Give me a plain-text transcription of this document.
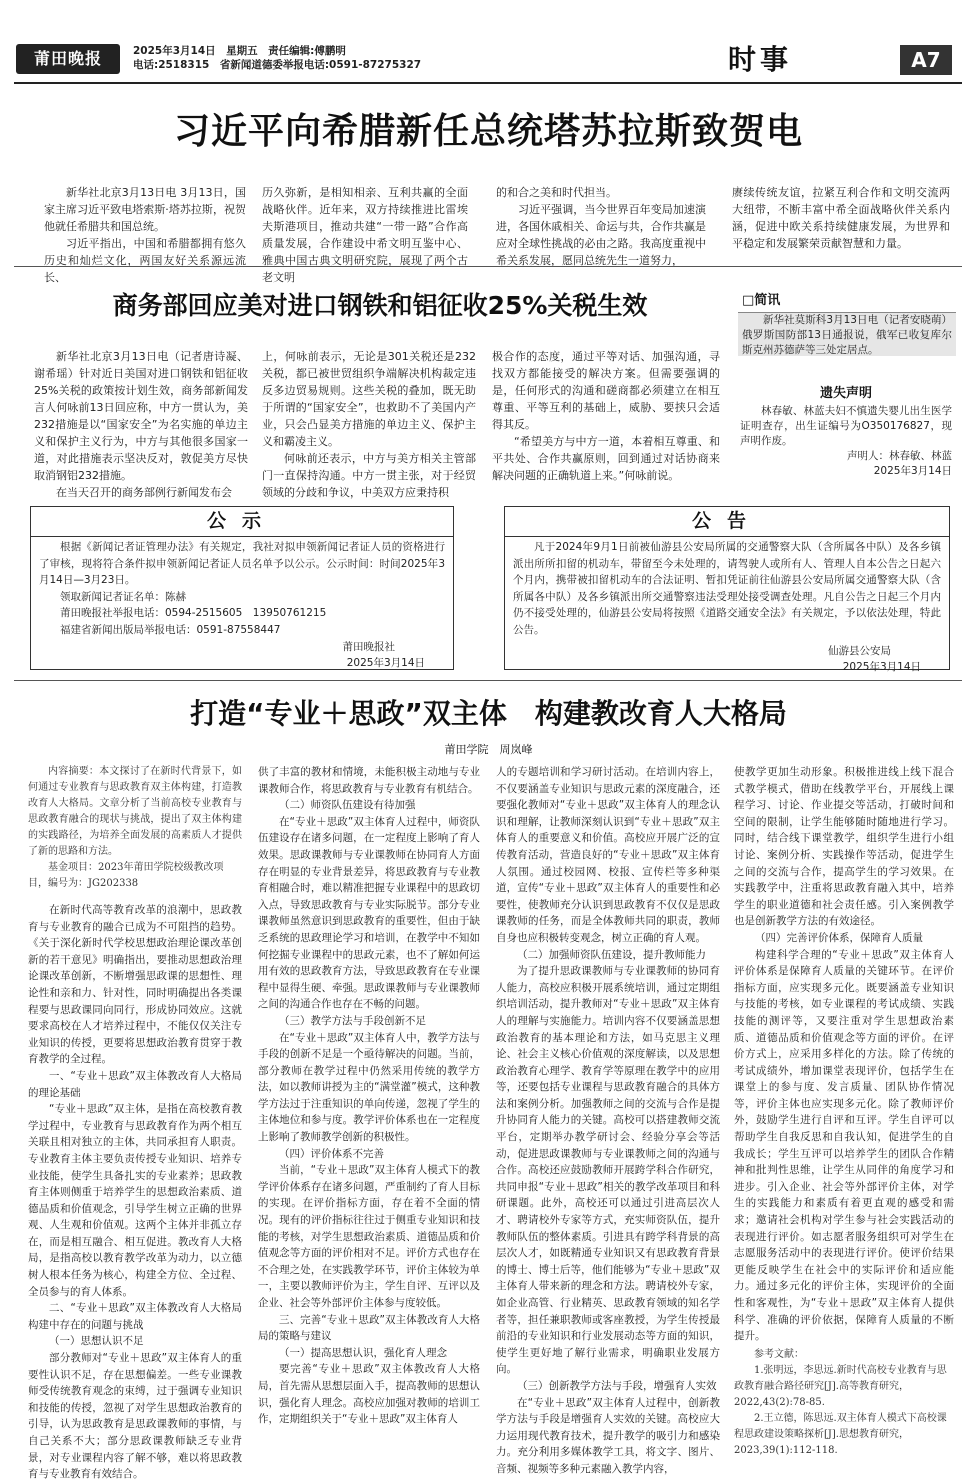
莆田晚报	2025年3月14日　星期五　责任编辑:傅鹏明
电话:2518315　省新闻道德委举报电话:0591-87275327	时事	A7
习近平向希腊新任总统塔苏拉斯致贺电

新华社北京3月13日电 3月13日，国家主席习近平致电塔索斯·塔苏拉斯，祝贺他就任希腊共和国总统。

习近平指出，中国和希腊都拥有悠久历史和灿烂文化，两国友好关系源远流长、

历久弥新，是相知相亲、互利共赢的全面战略伙伴。近年来，双方持续推进比雷埃夫斯港项目，推动共建“一带一路”合作高质量发展，合作建设中希文明互鉴中心、雅典中国古典文明研究院，展现了两个古老文明

的和合之美和时代担当。

习近平强调，当今世界百年变局加速演进，各国休戚相关、命运与共，合作共赢是应对全球性挑战的必由之路。我高度重视中希关系发展，愿同总统先生一道努力，

赓续传统友谊，拉紧互利合作和文明交流两大纽带，不断丰富中希全面战略伙伴关系内涵，促进中欧关系持续健康发展，为世界和平稳定和发展繁荣贡献智慧和力量。

商务部回应美对进口钢铁和铝征收25%关税生效

新华社北京3月13日电（记者唐诗凝、谢希瑶）针对近日美国对进口钢铁和铝征收25%关税的政策按计划生效，商务部新闻发言人何咏前13日回应称，中方一贯认为，美232措施是以“国家安全”为名实施的单边主义和保护主义行为，中方与其他很多国家一道，对此措施表示坚决反对，敦促美方尽快取消钢铝232措施。

在当天召开的商务部例行新闻发布会

上，何咏前表示，无论是301关税还是232关税，都已被世贸组织争端解决机构裁定违反多边贸易规则。这些关税的叠加，既无助于所谓的“国家安全”，也救助不了美国内产业，只会凸显美方措施的单边主义、保护主义和霸凌主义。

何咏前还表示，中方与美方相关主管部门一直保持沟通。中方一贯主张，对于经贸领域的分歧和争议，中美双方应秉持积

极合作的态度，通过平等对话、加强沟通，寻找双方都能接受的解决方案。但需要强调的是，任何形式的沟通和磋商都必须建立在相互尊重、平等互利的基础上，威胁、要挟只会适得其反。

“希望美方与中方一道，本着相互尊重、和平共处、合作共赢原则，回到通过对话协商来解决问题的正确轨道上来。”何咏前说。

□简讯
新华社莫斯科3月13日电（记者安晓萌）俄罗斯国防部13日通报说，俄军已收复库尔斯克州苏德萨等三处定居点。
遗失声明
林春敏、林蓝夫妇不慎遗失婴儿出生医学证明查存，出生证编号为O350176827，现声明作废。
声明人：林春敏、林蓝
2025年3月14日
公示

根据《新闻记者证管理办法》有关规定，我社对拟申领新闻记者证人员的资格进行了审核，现将符合条件拟申领新闻记者证人员名单予以公示。公示时间：时间2025年3月14日—3月23日。

领取新闻记者证名单：陈赫

莆田晚报社举报电话：0594-2515605　13950761215

福建省新闻出版局举报电话：0591-87558447

莆田晚报社
2025年3月14日
公告

凡于2024年9月1日前被仙游县公安局所属的交通警察大队（含所属各中队）及各乡镇派出所所扣留的机动车，带留至今未处理的，请驾驶人或所有人、管理人自本公告之日起六个月内，携带被扣留机动车的合法证明、暂扣凭证前往仙游县公安局所属交通警察大队（含所属各中队）及各乡镇派出所交通警察违法受理处接受调查处理。凡自公告之日起三个月内仍不接受处理的，仙游县公安局将按照《道路交通安全法》有关规定，予以依法处理，特此公告。

仙游县公安局
2025年3月14日
打造“专业＋思政”双主体　构建教改育人大格局
莆田学院　周岚峰
内容摘要：本文探讨了在新时代背景下，如何通过专业教育与思政教育双主体构建，打造教改育人大格局。文章分析了当前高校专业教育与思政教育融合的现状与挑战，提出了双主体构建的实践路径，为培养全面发展的高素质人才提供了新的思路和方法。
基金项目：2023年莆田学院校级教改项目，编号为：JG202338

在新时代高等教育改革的浪潮中，思政教育与专业教育的融合已成为不可阻挡的趋势。《关于深化新时代学校思想政治理论课改革创新的若干意见》明确指出，要推动思想政治理论课改革创新，不断增强思政课的思想性、理论性和亲和力、针对性，同时明确提出各类课程要与思政课同向同行，形成协同效应。这就要求高校在人才培养过程中，不能仅仅关注专业知识的传授，更要将思想政治教育贯穿于教育教学的全过程。

一、“专业＋思政”双主体教改育人大格局的理论基础

“专业＋思政”双主体，是指在高校教育教学过程中，专业教育与思政教育作为两个相互关联且相对独立的主体，共同承担育人职责。专业教育主体主要负责传授专业知识、培养专业技能，使学生具备扎实的专业素养；思政教育主体则侧重于培养学生的思想政治素质、道德品质和价值观念，引导学生树立正确的世界观、人生观和价值观。这两个主体并非孤立存在，而是相互融合、相互促进。教改育人大格局，是指高校以教育教学改革为动力，以立德树人根本任务为核心，构建全方位、全过程、全员参与的育人体系。

二、“专业＋思政”双主体教改育人大格局构建中存在的问题与挑战

（一）思想认识不足

部分教师对“专业＋思政”双主体育人的重要性认识不足，存在思想偏差。一些专业课教师受传统教育观念的束缚，过于强调专业知识和技能的传授，忽视了对学生思想政治教育的引导，认为思政教育是思政课教师的事情，与自己关系不大；部分思政课教师缺乏专业背景，对专业课程内容了解不够，难以将思政教育与专业教育有效结合。

供了丰富的教材和情境，未能积极主动地与专业课教师合作，将思政教育与专业教育有机结合。

（二）师资队伍建设有待加强

在“专业＋思政”双主体育人过程中，师资队伍建设存在诸多问题，在一定程度上影响了育人效果。思政课教师与专业课教师在协同育人方面存在明显的专业背景差异，将思政教育与专业教育相融合时，难以精准把握专业课程中的思政切入点，导致思政教育与专业实际脱节。部分专业课教师虽然意识到思政教育的重要性，但由于缺乏系统的思政理论学习和培训，在教学中不知如何挖掘专业课程中的思政元素，也不了解如何运用有效的思政教育方法，导致思政教育在专业课程中显得生硬、牵强。思政课教师与专业课教师之间的沟通合作也存在不畅的问题。

（三）教学方法与手段创新不足

在“专业＋思政”双主体育人中，教学方法与手段的创新不足是一个亟待解决的问题。当前，部分教师在教学过程中仍然采用传统的教学方法，如以教师讲授为主的“满堂灌”模式，这种教学方法过于注重知识的单向传递，忽视了学生的主体地位和参与度。教学评价体系也在一定程度上影响了教师教学创新的积极性。

（四）评价体系不完善

当前，“专业＋思政”双主体育人模式下的教学评价体系存在诸多问题，严重制约了育人目标的实现。在评价指标方面，存在着不全面的情况。现有的评价指标往往过于侧重专业知识和技能的考核，对学生思想政治素质、道德品质和价值观念等方面的评价相对不足。评价方式也存在不合理之处，在实践教学环节，评价主体较为单一，主要以教师评价为主，学生自评、互评以及企业、社会等外部评价主体参与度较低。

三、完善“专业＋思政”双主体教改育人大格局的策略与建议

（一）提高思想认识，强化育人理念

要完善“专业＋思政”双主体教改育人大格局，首先需从思想层面入手，提高教师的思想认识，强化育人理念。高校应加强对教师的培训工作，定期组织关于“专业＋思政”双主体育人

人的专题培训和学习研讨活动。在培训内容上，不仅要涵盖专业知识与思政元素的深度融合，还要强化教师对“专业＋思政”双主体育人的理念认识和理解，让教师深刻认识到“专业＋思政”双主体育人的重要意义和价值。高校应开展广泛的宣传教育活动，营造良好的“专业＋思政”双主体育人氛围。通过校园网、校报、宣传栏等多种渠道，宣传“专业＋思政”双主体育人的重要性和必要性，使教师充分认识到思政教育不仅仅是思政课教师的任务，而是全体教师共同的职责，教师自身也应积极转变观念，树立正确的育人观。

（二）加强师资队伍建设，提升教师能力

为了提升思政课教师与专业课教师的协同育人能力，高校应积极开展系统培训，通过定期组织培训活动，提升教师对“专业＋思政”双主体育人的理解与实施能力。培训内容不仅要涵盖思想政治教育的基本理论和方法，如马克思主义理论、社会主义核心价值观的深度解读，以及思想政治教育心理学、教育学等原理在教学中的应用等，还要包括专业课程与思政教育融合的具体方法和案例分析。加强教师之间的交流与合作是提升协同育人能力的关键。高校可以搭建教师交流平台，定期举办教学研讨会、经验分享会等活动，促进思政课教师与专业课教师之间的沟通与合作。高校还应鼓励教师开展跨学科合作研究，共同申报“专业＋思政”相关的教学改革项目和科研课题。此外，高校还可以通过引进高层次人才、聘请校外专家等方式，充实师资队伍，提升教师队伍的整体素质。引进具有跨学科背景的高层次人才，如既精通专业知识又有思政教育背景的博士、博士后等，他们能够为“专业＋思政”双主体育人带来新的理念和方法。聘请校外专家，如企业高管、行业精英、思政教育领域的知名学者等，担任兼职教师或客座教授，为学生传授最前沿的专业知识和行业发展动态等方面的知识，使学生更好地了解行业需求，明确职业发展方向。

（三）创新教学方法与手段，增强育人实效

在“专业＋思政”双主体育人过程中，创新教学方法与手段是增强育人实效的关键。高校应大力运用现代教育技术，提升教学的吸引力和感染力。充分利用多媒体教学工具，将文字、图片、音频、视频等多种元素融入教学内容，

使教学更加生动形象。积极推进线上线下混合式教学模式，借助在线教学平台，开展线上课程学习、讨论、作业提交等活动，打破时间和空间的限制，让学生能够随时随地进行学习。同时，结合线下课堂教学，组织学生进行小组讨论、案例分析、实践操作等活动，促进学生之间的交流与合作，提高学生的学习效果。在实践教学中，注重将思政教育融入其中，培养学生的职业道德和社会责任感。引入案例教学也是创新教学方法的有效途径。

（四）完善评价体系，保障育人质量

构建科学合理的“专业＋思政”双主体育人评价体系是保障育人质量的关键环节。在评价指标方面，应实现多元化。既要涵盖专业知识与技能的考核，如专业课程的考试成绩、实践技能的测评等，又要注重对学生思想政治素质、道德品质和价值观念等方面的评价。在评价方式上，应采用多样化的方法。除了传统的考试成绩外，增加课堂表现评价，包括学生在课堂上的参与度、发言质量、团队协作情况等，评价主体也应实现多元化。除了教师评价外，鼓励学生进行自评和互评。学生自评可以帮助学生自我反思和自我认知，促进学生的自我成长；学生互评可以培养学生的团队合作精神和批判性思维，让学生从同伴的角度学习和进步。引入企业、社会等外部评价主体，对学生的实践能力和素质有着更直观的感受和需求；邀请社会机构对学生参与社会实践活动的表现进行评价。如志愿者服务组织可对学生在志愿服务活动中的表现进行评价。使评价结果更能反映学生在社会中的实际评价和适应能力。通过多元化的评价主体，实现评价的全面性和客观性，为“专业＋思政”双主体育人提供科学、准确的评价依据，保障育人质量的不断提升。

参考文献：
1.张明远，李思远.新时代高校专业教育与思政教育融合路径研究[J].高等教育研究，2022,43(2):78-85.
2.王立德，陈思远.双主体育人模式下高校课程思政建设策略探析[J].思想教育研究，2023,39(1):112-118.
